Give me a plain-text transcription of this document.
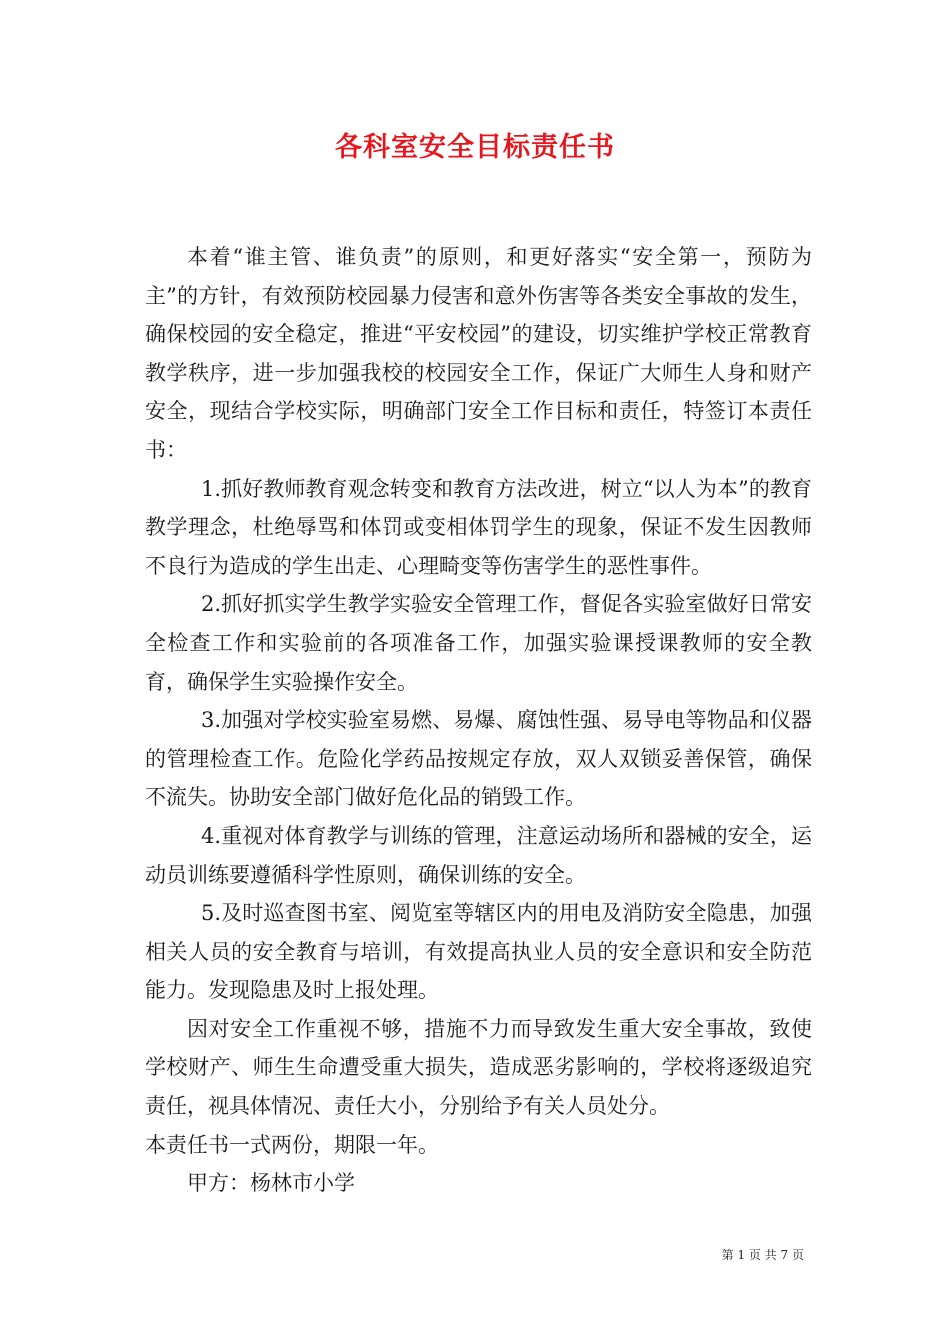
各科室安全目标责任书

本着“谁主管、谁负责”的原则，和更好落实“安全第一，预防为主”的方针，有效预防校园暴力侵害和意外伤害等各类安全事故的发生，确保校园的安全稳定，推进“平安校园”的建设，切实维护学校正常教育教学秩序，进一步加强我校的校园安全工作，保证广大师生人身和财产安全，现结合学校实际，明确部门安全工作目标和责任，特签订本责任书：

1.抓好教师教育观念转变和教育方法改进，树立“以人为本”的教育教学理念，杜绝辱骂和体罚或变相体罚学生的现象，保证不发生因教师不良行为造成的学生出走、心理畸变等伤害学生的恶性事件。

2.抓好抓实学生教学实验安全管理工作，督促各实验室做好日常安全检查工作和实验前的各项准备工作，加强实验课授课教师的安全教育，确保学生实验操作安全。

3.加强对学校实验室易燃、易爆、腐蚀性强、易导电等物品和仪器的管理检查工作。危险化学药品按规定存放，双人双锁妥善保管，确保不流失。协助安全部门做好危化品的销毁工作。

4.重视对体育教学与训练的管理，注意运动场所和器械的安全，运动员训练要遵循科学性原则，确保训练的安全。

5.及时巡查图书室、阅览室等辖区内的用电及消防安全隐患，加强相关人员的安全教育与培训，有效提高执业人员的安全意识和安全防范能力。发现隐患及时上报处理。

因对安全工作重视不够，措施不力而导致发生重大安全事故，致使学校财产、师生生命遭受重大损失，造成恶劣影响的，学校将逐级追究责任，视具体情况、责任大小，分别给予有关人员处分。

本责任书一式两份，期限一年。

甲方：杨林市小学

第 1 页 共 7 页
